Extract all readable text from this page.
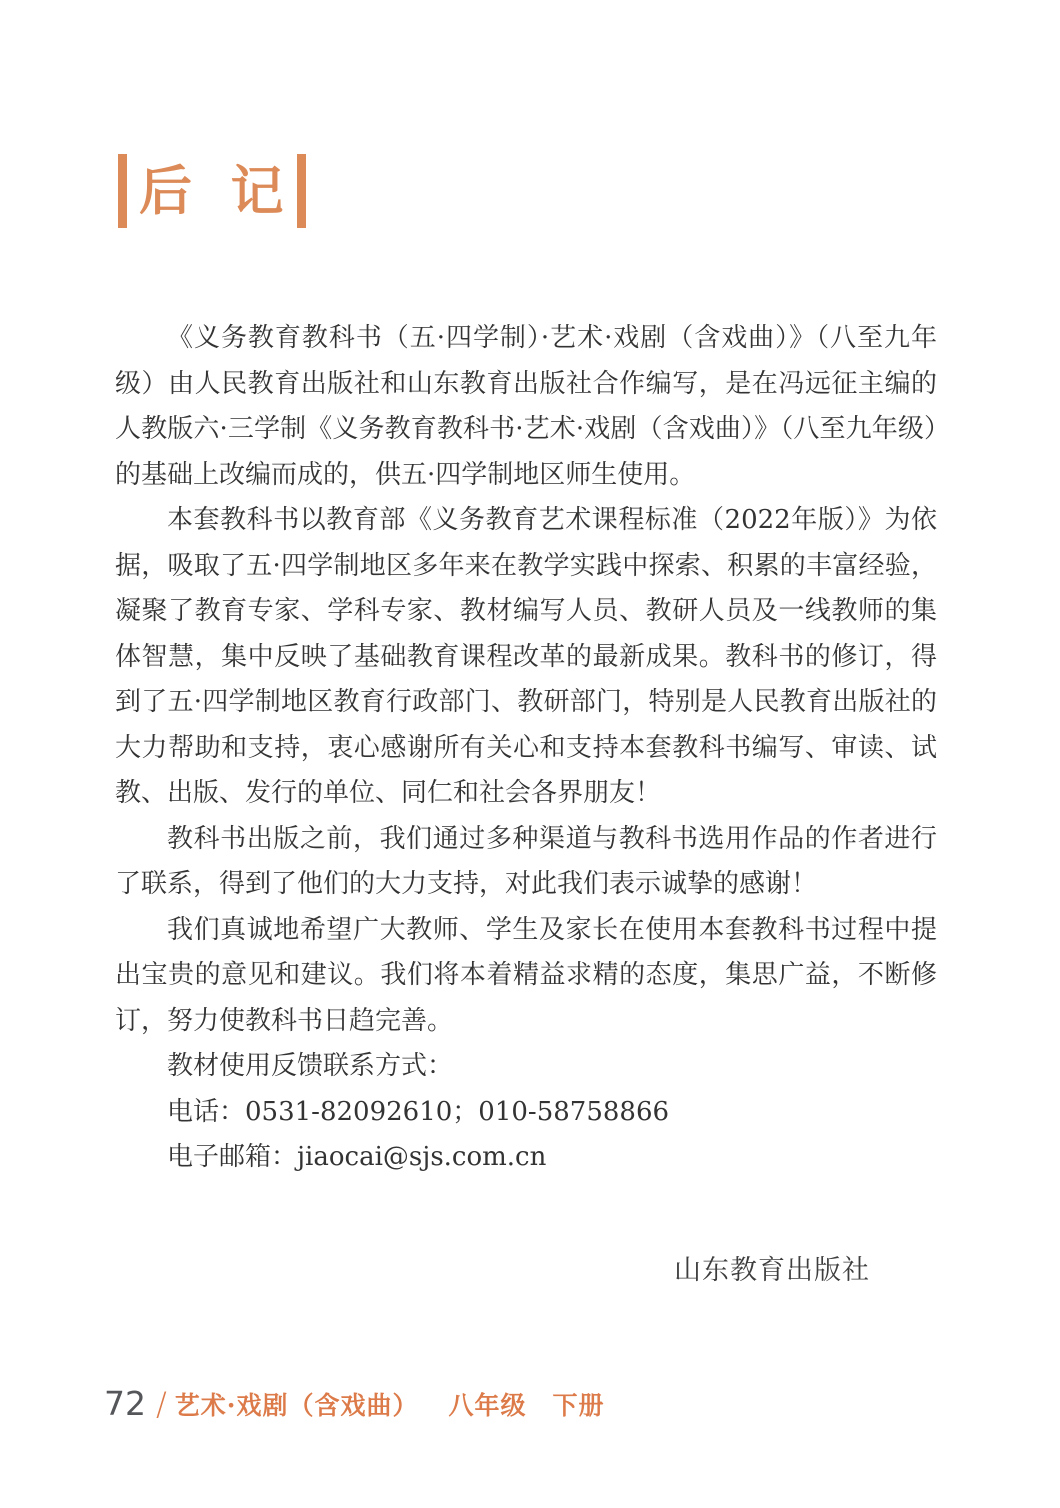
后 记

《义务教育教科书（五·四学制）·艺术·戏剧（含戏曲）》（八至九年级）由人民教育出版社和山东教育出版社合作编写，是在冯远征主编的人教版六·三学制《义务教育教科书·艺术·戏剧（含戏曲）》（八至九年级）的基础上改编而成的，供五·四学制地区师生使用。

本套教科书以教育部《义务教育艺术课程标准（2022年版）》为依据，吸取了五·四学制地区多年来在教学实践中探索、积累的丰富经验，凝聚了教育专家、学科专家、教材编写人员、教研人员及一线教师的集体智慧，集中反映了基础教育课程改革的最新成果。教科书的修订，得到了五·四学制地区教育行政部门、教研部门，特别是人民教育出版社的大力帮助和支持，衷心感谢所有关心和支持本套教科书编写、审读、试教、出版、发行的单位、同仁和社会各界朋友！

教科书出版之前，我们通过多种渠道与教科书选用作品的作者进行了联系，得到了他们的大力支持，对此我们表示诚挚的感谢！

我们真诚地希望广大教师、学生及家长在使用本套教科书过程中提出宝贵的意见和建议。我们将本着精益求精的态度，集思广益，不断修订，努力使教科书日趋完善。

教材使用反馈联系方式：

电话：0531-82092610；010-58758866

电子邮箱：jiaocai@sjs.com.cn

山东教育出版社
72 / 艺术·戏剧（含戏曲） 八年级 下册
